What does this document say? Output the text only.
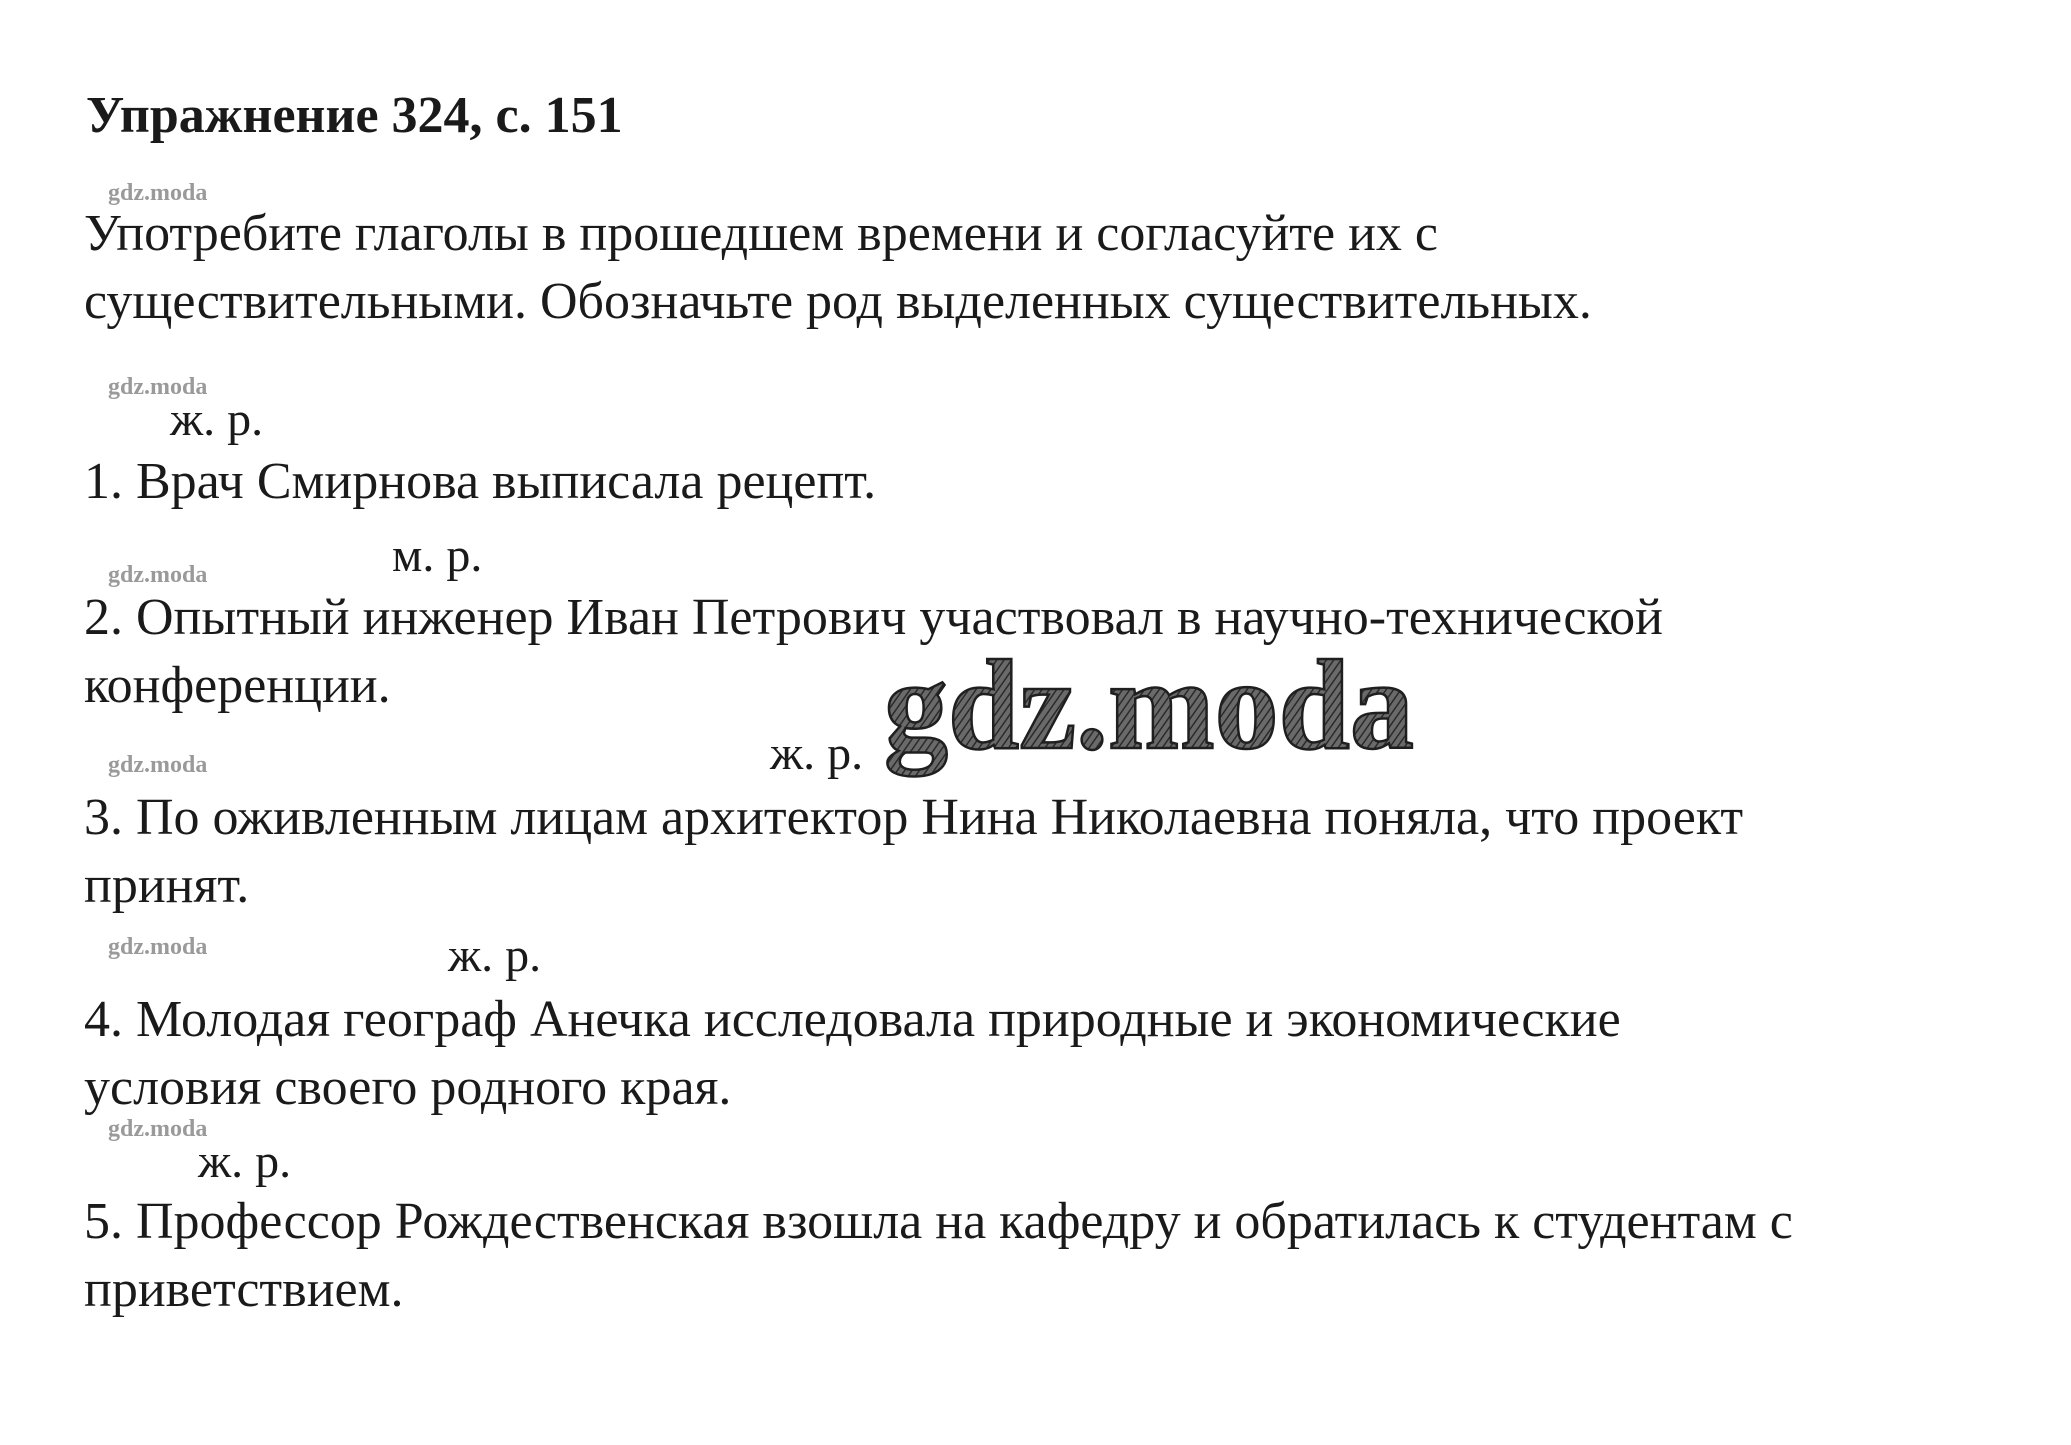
Упражнение 324, с. 151
gdz.moda
Употребите глаголы в прошедшем времени и согласуйте их с
существительными. Обозначьте род выделенных существительных.
gdz.moda
ж. р.
1. Врач Смирнова выписала рецепт.
м. р.
gdz.moda
2. Опытный инженер Иван Петрович участвовал в научно-технической
конференции.	gdz.moda
ж. р.
gdz.moda
3. По оживленным лицам архитектор Нина Николаевна поняла, что проект
принят.
gdz.moda	ж. р.
4. Молодая географ Анечка исследовала природные и экономические
условия своего родного края.
gdz.moda
ж. р.
5. Профессор Рождественская взошла на кафедру и обратилась к студентам с
приветствием.
